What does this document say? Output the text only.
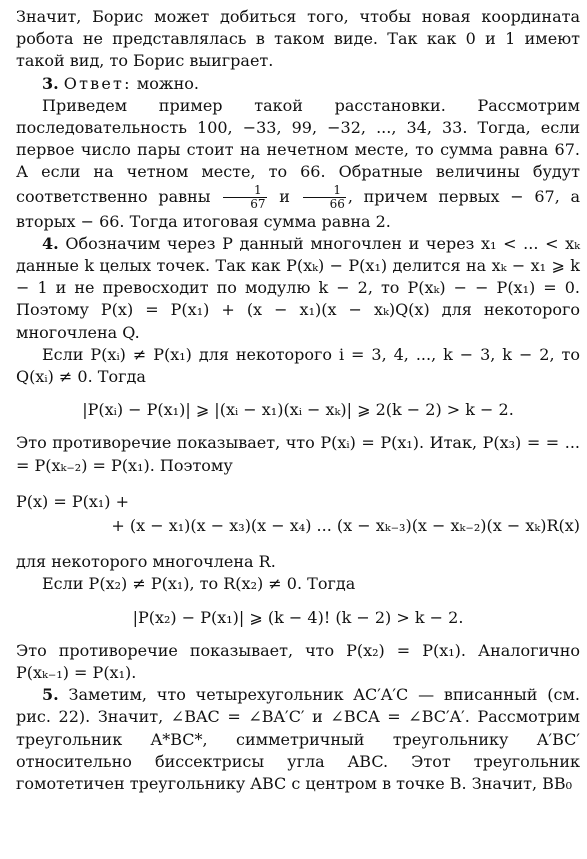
Значит, Борис может добиться того, чтобы новая координата робота не представлялась в таком виде. Так как 0 и 1 имеют такой вид, то Борис выиграет.

3. Ответ: можно.

Приведем пример такой расстановки. Рассмотрим последовательность 100, −33, 99, −32, ..., 34, 33. Тогда, если первое число пары стоит на нечетном месте, то сумма равна 67. А если на четном месте, то 66. Обратные величины будут соответственно равны $\frac{1}{67}$ и $\frac{1}{66}$ , причем первых − 67, а вторых − 66. Тогда итоговая сумма равна 2.

4. Обозначим через P данный многочлен и через x₁ < ... < xₖ данные k целых точек. Так как P(xₖ) − P(x₁) делится на xₖ − x₁ ⩾ k − 1 и не превосходит по модулю k − 2, то P(xₖ) − − P(x₁) = 0. Поэтому P(x) = P(x₁) + (x − x₁)(x − xₖ)Q(x) для некоторого многочлена Q.

Если P(xᵢ) ≠ P(x₁) для некоторого i = 3, 4, ..., k − 3, k − 2, то Q(xᵢ) ≠ 0. Тогда

|P(xᵢ) − P(x₁)| ⩾ |(xᵢ − x₁)(xᵢ − xₖ)| ⩾ 2(k − 2) > k − 2.

Это противоречие показывает, что P(xᵢ) = P(x₁). Итак, P(x₃) = = ... = P(xₖ₋₂) = P(x₁). Поэтому

P(x) = P(x₁) +
+ (x − x₁)(x − x₃)(x − x₄) ... (x − xₖ₋₃)(x − xₖ₋₂)(x − xₖ)R(x)

для некоторого многочлена R.

Если P(x₂) ≠ P(x₁), то R(x₂) ≠ 0. Тогда

|P(x₂) − P(x₁)| ⩾ (k − 4)! (k − 2) > k − 2.

Это противоречие показывает, что P(x₂) = P(x₁). Аналогично P(xₖ₋₁) = P(x₁).

5. Заметим, что четырехугольник AC′A′C — вписанный (см. рис. 22). Значит, ∠BAC = ∠BA′C′ и ∠BCA = ∠BC′A′. Рассмотрим треугольник A*BC*, симметричный треугольнику A′BC′ относительно биссектрисы угла ABC. Этот треугольник гомотетичен треугольнику ABC с центром в точке B. Значит, BB₀
